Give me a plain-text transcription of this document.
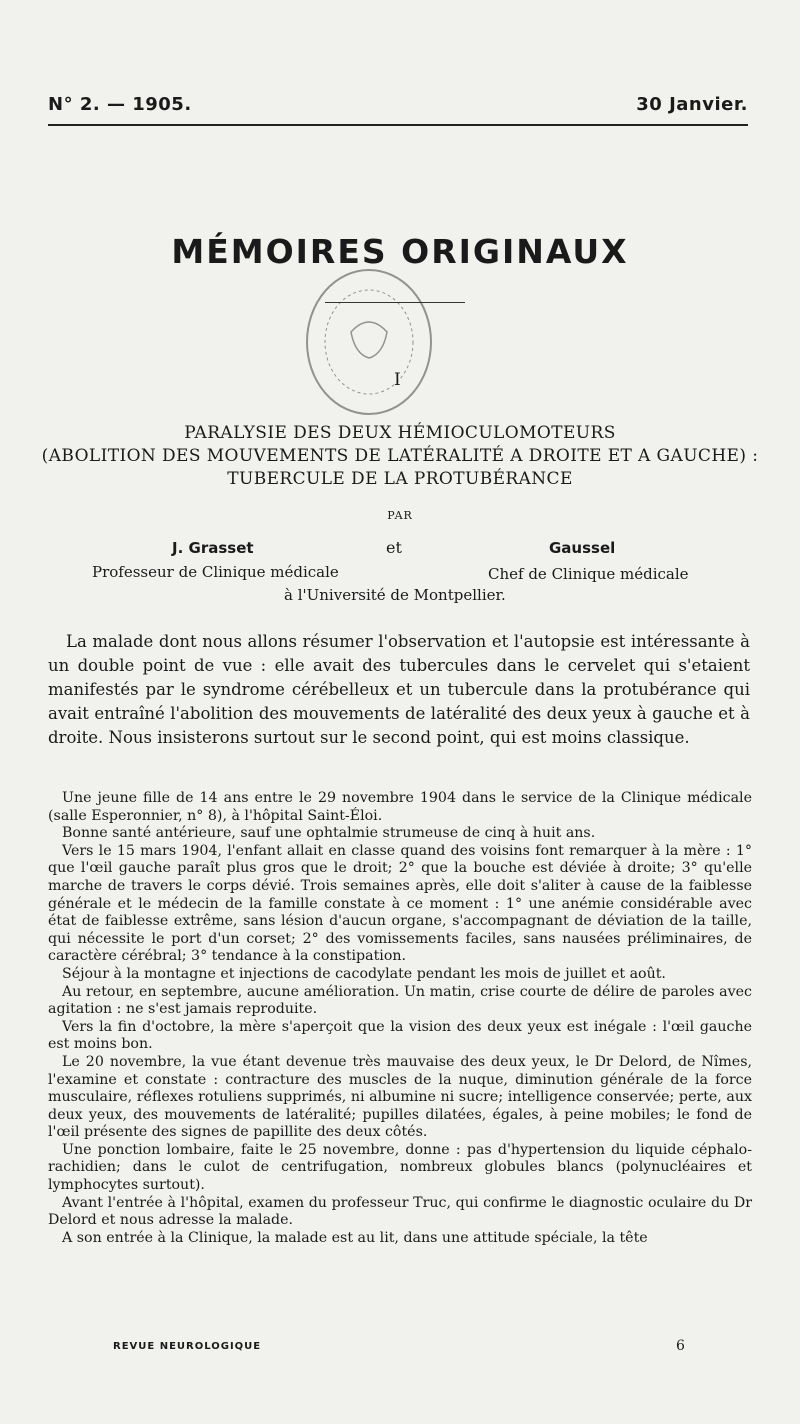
N° 2. — 1905.	30 Janvier.
MÉMOIRES ORIGINAUX
I
PARALYSIE DES DEUX HÉMIOCULOMOTEURS
(ABOLITION DES MOUVEMENTS DE LATÉRALITÉ A DROITE ET A GAUCHE) :
TUBERCULE DE LA PROTUBÉRANCE
PAR
J. Grasset	et	Gaussel
Professeur de Clinique médicale	Chef de Clinique médicale
à l'Université de Montpellier.

La malade dont nous allons résumer l'observation et l'autopsie est intéressante à un double point de vue : elle avait des tubercules dans le cervelet qui s'etaient manifestés par le syndrome cérébelleux et un tubercule dans la protubérance qui avait entraîné l'abolition des mouvements de latéralité des deux yeux à gauche et à droite. Nous insisterons surtout sur le second point, qui est moins classique.

Une jeune fille de 14 ans entre le 29 novembre 1904 dans le service de la Clinique médicale (salle Esperonnier, n° 8), à l'hôpital Saint-Éloi.

Bonne santé antérieure, sauf une ophtalmie strumeuse de cinq à huit ans.

Vers le 15 mars 1904, l'enfant allait en classe quand des voisins font remarquer à la mère : 1° que l'œil gauche paraît plus gros que le droit; 2° que la bouche est déviée à droite; 3° qu'elle marche de travers le corps dévié. Trois semaines après, elle doit s'aliter à cause de la faiblesse générale et le médecin de la famille constate à ce moment : 1° une anémie considérable avec état de faiblesse extrême, sans lésion d'aucun organe, s'accompagnant de déviation de la taille, qui nécessite le port d'un corset; 2° des vomissements faciles, sans nausées préliminaires, de caractère cérébral; 3° tendance à la constipation.

Séjour à la montagne et injections de cacodylate pendant les mois de juillet et août.

Au retour, en septembre, aucune amélioration. Un matin, crise courte de délire de paroles avec agitation : ne s'est jamais reproduite.

Vers la fin d'octobre, la mère s'aperçoit que la vision des deux yeux est inégale : l'œil gauche est moins bon.

Le 20 novembre, la vue étant devenue très mauvaise des deux yeux, le Dr Delord, de Nîmes, l'examine et constate : contracture des muscles de la nuque, diminution générale de la force musculaire, réflexes rotuliens supprimés, ni albumine ni sucre; intelligence conservée; perte, aux deux yeux, des mouvements de latéralité; pupilles dilatées, égales, à peine mobiles; le fond de l'œil présente des signes de papillite des deux côtés.

Une ponction lombaire, faite le 25 novembre, donne : pas d'hypertension du liquide céphalo-rachidien; dans le culot de centrifugation, nombreux globules blancs (polynucléaires et lymphocytes surtout).

Avant l'entrée à l'hôpital, examen du professeur Truc, qui confirme le diagnostic oculaire du Dr Delord et nous adresse la malade.

A son entrée à la Clinique, la malade est au lit, dans une attitude spéciale, la tête

REVUE NEUROLOGIQUE	6
